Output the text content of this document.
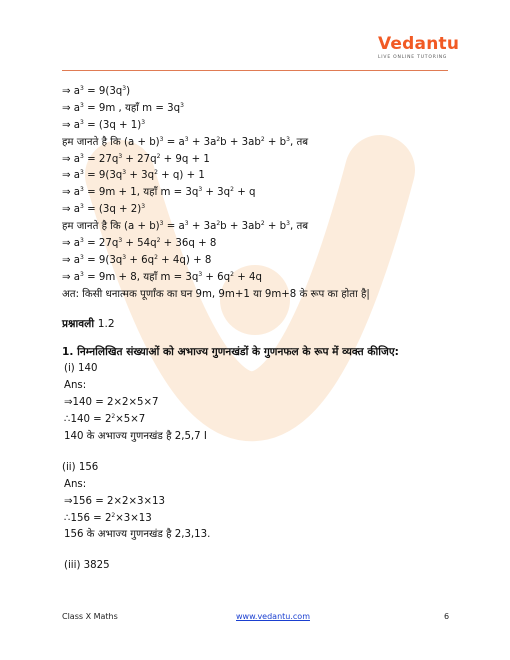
Vedantu
LIVE ONLINE TUTORING
⇒ $a^3 = 9(3q^3)$
⇒ $a^3 = 9m$ , यहाँ $m = 3q^3$
⇒ $a^3 = (3q + 1)^3$
हम जानते है कि $(a + b)^3 = a^3 + 3a^2b + 3ab^2 + b^3$, तब
⇒ $a^3 = 27q^3 + 27q^2 + 9q + 1$
⇒ $a^3 = 9(3q^3 + 3q^2 + q) + 1$
⇒ $a^3 = 9m + 1$, यहाँ $m = 3q^3 + 3q^2 + q$
⇒ $a^3 = (3q + 2)^3$
हम जानते है कि $(a + b)^3 = a^3 + 3a^2b + 3ab^2 + b^3$, तब
⇒ $a^3 = 27q^3 + 54q^2 + 36q + 8$
⇒ $a^3 = 9(3q^3 + 6q^2 + 4q) + 8$
⇒ $a^3 = 9m + 8$, यहाँ $m = 3q^3 + 6q^2 + 4q$
अत: किसी धनात्मक पूर्णांक का घन 9m, 9m+1 या 9m+8 के रूप का होता है|
प्रश्नावली 1.2
1. निम्नलिखित संख्याओं को अभाज्य गुणनखंडों के गुणनफल के रूप में व्यक्त कीजिए:
(i) 140
Ans:
⇒140 = 2×2×5×7
∴140 = $2^2\times 5\times 7$
140 के अभाज्य गुणनखंड है 2,5,7 I
(ii) 156
Ans:
⇒156 = 2×2×3×13
∴156 = $2^2\times 3\times 13$
156 के अभाज्य गुणनखंड है 2,3,13.
(iii) 3825
Class X Maths	www.vedantu.com	6
